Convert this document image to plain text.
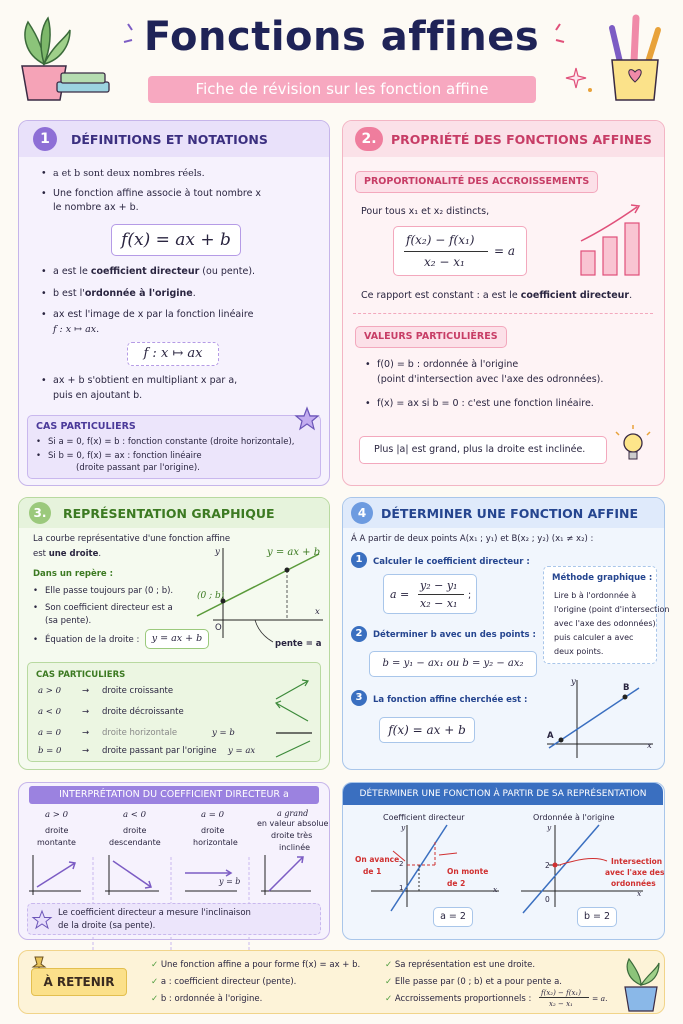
Fonctions affines
Fiche de révision sur les fonction affine
1	DÉFINITIONS ET NOTATIONS
• a et b sont deux nombres réels.
• Une fonction affine associe à tout nombre x
le nombre ax + b.
f(x) = ax + b
• a est le coefficient directeur (ou pente).
• b est l'ordonnée à l'origine.
• ax est l'image de x par la fonction linéaire
f : x ↦ ax.
f : x ↦ ax
• ax + b s'obtient en multipliant x par a,
puis en ajoutant b.
CAS PARTICULIERS
• Si a = 0, f(x) = b : fonction constante (droite horizontale),
• Si b = 0, f(x) = ax : fonction linéaire
(droite passant par l'origine).
2.	PROPRIÉTÉ DES FONCTIONS AFFINES
PROPORTIONALITÉ DES ACCROISSEMENTS
Pour tous x₁ et x₂ distincts,
f(x₂) − f(x₁)
x₂ − x₁
= a
Ce rapport est constant : a est le coefficient directeur.
VALEURS PARTICULIÈRES
• f(0) = b : ordonnée à l'origine
(point d'intersection avec l'axe des odronnées).
• f(x) = ax si b = 0 : c'est une fonction linéaire.
Plus |a| est grand, plus la droite est inclinée.
3.	REPRÉSENTATION GRAPHIQUE
La courbe représentative d'une fonction affine
est une droite.
Dans un repère :
• Elle passe toujours par (0 ; b).
• Son coefficient directeur est a
(sa pente).
• Équation de la droite :	y = ax + b
y = ax + b
(0 ; b)
y
x
O
pente = a
CAS PARTICULIERS
a > 0 → droite croissante
a < 0 → droite décroissante
a = 0 → droite horizontale	y = b
b = 0 → droite passant par l'origine y = ax
4	DÉTERMINER UNE FONCTION AFFINE
Á A partir de deux points A(x₁ ; y₁) et B(x₂ ; y₂) (x₁ ≠ x₂) :
1	Calculer le coefficient directeur :
a =
y₂ − y₁
x₂ − x₁
;
2	Déterminer b avec un des points :
b = y₁ − ax₁ ou b = y₂ − ax₂
3	La fonction affine cherchée est :
f(x) = ax + b
Méthode graphique :
Lire b à l'ordonnée à
l'origine (point d'intersection
avec l'axe des odonnées)
puis calculer a avec
deux points.
A
B
y
x
INTERPRÉTATION DU COEFFICIENT DIRECTEUR a
a > 0
droite
montante
a < 0
droite
descendante
a = 0
droite
horizontale
a grand
en valeur absolue
droite très
inclinée
y = b
Le coefficient directeur a mesure l'inclinaison
de la droite (sa pente).
DÉTERMINER UNE FONCTION À PARTIR DE SA REPRÉSENTATION
Coefficient directeur	Ordonnée à l'origine
y
x
2
1
On avance
de 1	On monte
de 2
a = 2
y
x
2
0
Intersection
avec l'axe des
ordonnées
b = 2
À RETENIR
✓ Une fonction affine a pour forme f(x) = ax + b.
✓ a : coefficient directeur (pente).
✓ b : ordonnée à l'origine.
✓ Sa représentation est une droite.
✓ Elle passe par (0 ; b) et a pour pente a.
✓ Accroissements proportionnels :
f(x₂) − f(x₁)
x₂ − x₁
= a.
